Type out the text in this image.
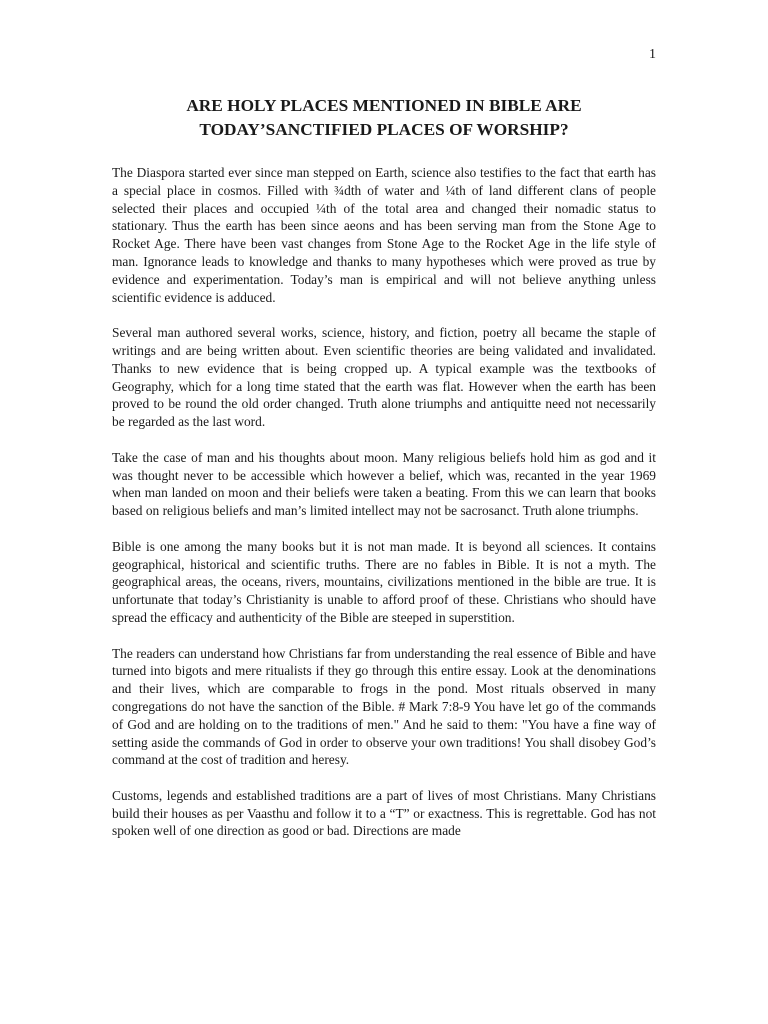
1
ARE HOLY PLACES MENTIONED IN BIBLE ARE
TODAY’SANCTIFIED PLACES OF WORSHIP?

The Diaspora started ever since man stepped on Earth, science also testifies to the fact that earth has a special place in cosmos. Filled with ¾dth of water and ¼th of land different clans of people selected their places and occupied ¼th of the total area and changed their nomadic status to stationary. Thus the earth has been since aeons and has been serving man from the Stone Age to Rocket Age. There have been vast changes from Stone Age to the Rocket Age in the life style of man. Ignorance leads to knowledge and thanks to many hypotheses which were proved as true by evidence and experimentation. Today’s man is empirical and will not believe anything unless scientific evidence is adduced.

Several man authored several works, science, history, and fiction, poetry all became the staple of writings and are being written about. Even scientific theories are being validated and invalidated. Thanks to new evidence that is being cropped up. A typical example was the textbooks of Geography, which for a long time stated that the earth was flat. However when the earth has been proved to be round the old order changed. Truth alone triumphs and antiquitte need not necessarily be regarded as the last word.

Take the case of man and his thoughts about moon. Many religious beliefs hold him as god and it was thought never to be accessible which however a belief, which was, recanted in the year 1969 when man landed on moon and their beliefs were taken a beating. From this we can learn that books based on religious beliefs and man’s limited intellect may not be sacrosanct. Truth alone triumphs.

Bible is one among the many books but it is not man made. It is beyond all sciences. It contains geographical, historical and scientific truths. There are no fables in Bible. It is not a myth. The geographical areas, the oceans, rivers, mountains, civilizations mentioned in the bible are true. It is unfortunate that today’s Christianity is unable to afford proof of these. Christians who should have spread the efficacy and authenticity of the Bible are steeped in superstition.

The readers can understand how Christians far from understanding the real essence of Bible and have turned into bigots and mere ritualists if they go through this entire essay. Look at the denominations and their lives, which are comparable to frogs in the pond. Most rituals observed in many congregations do not have the sanction of the Bible. # Mark 7:8-9 You have let go of the commands of God and are holding on to the traditions of men." And he said to them: "You have a fine way of setting aside the commands of God in order to observe your own traditions! You shall disobey God’s command at the cost of tradition and heresy.

Customs, legends and established traditions are a part of lives of most Christians. Many Christians build their houses as per Vaasthu and follow it to a “T” or exactness. This is regrettable. God has not spoken well of one direction as good or bad. Directions are made
